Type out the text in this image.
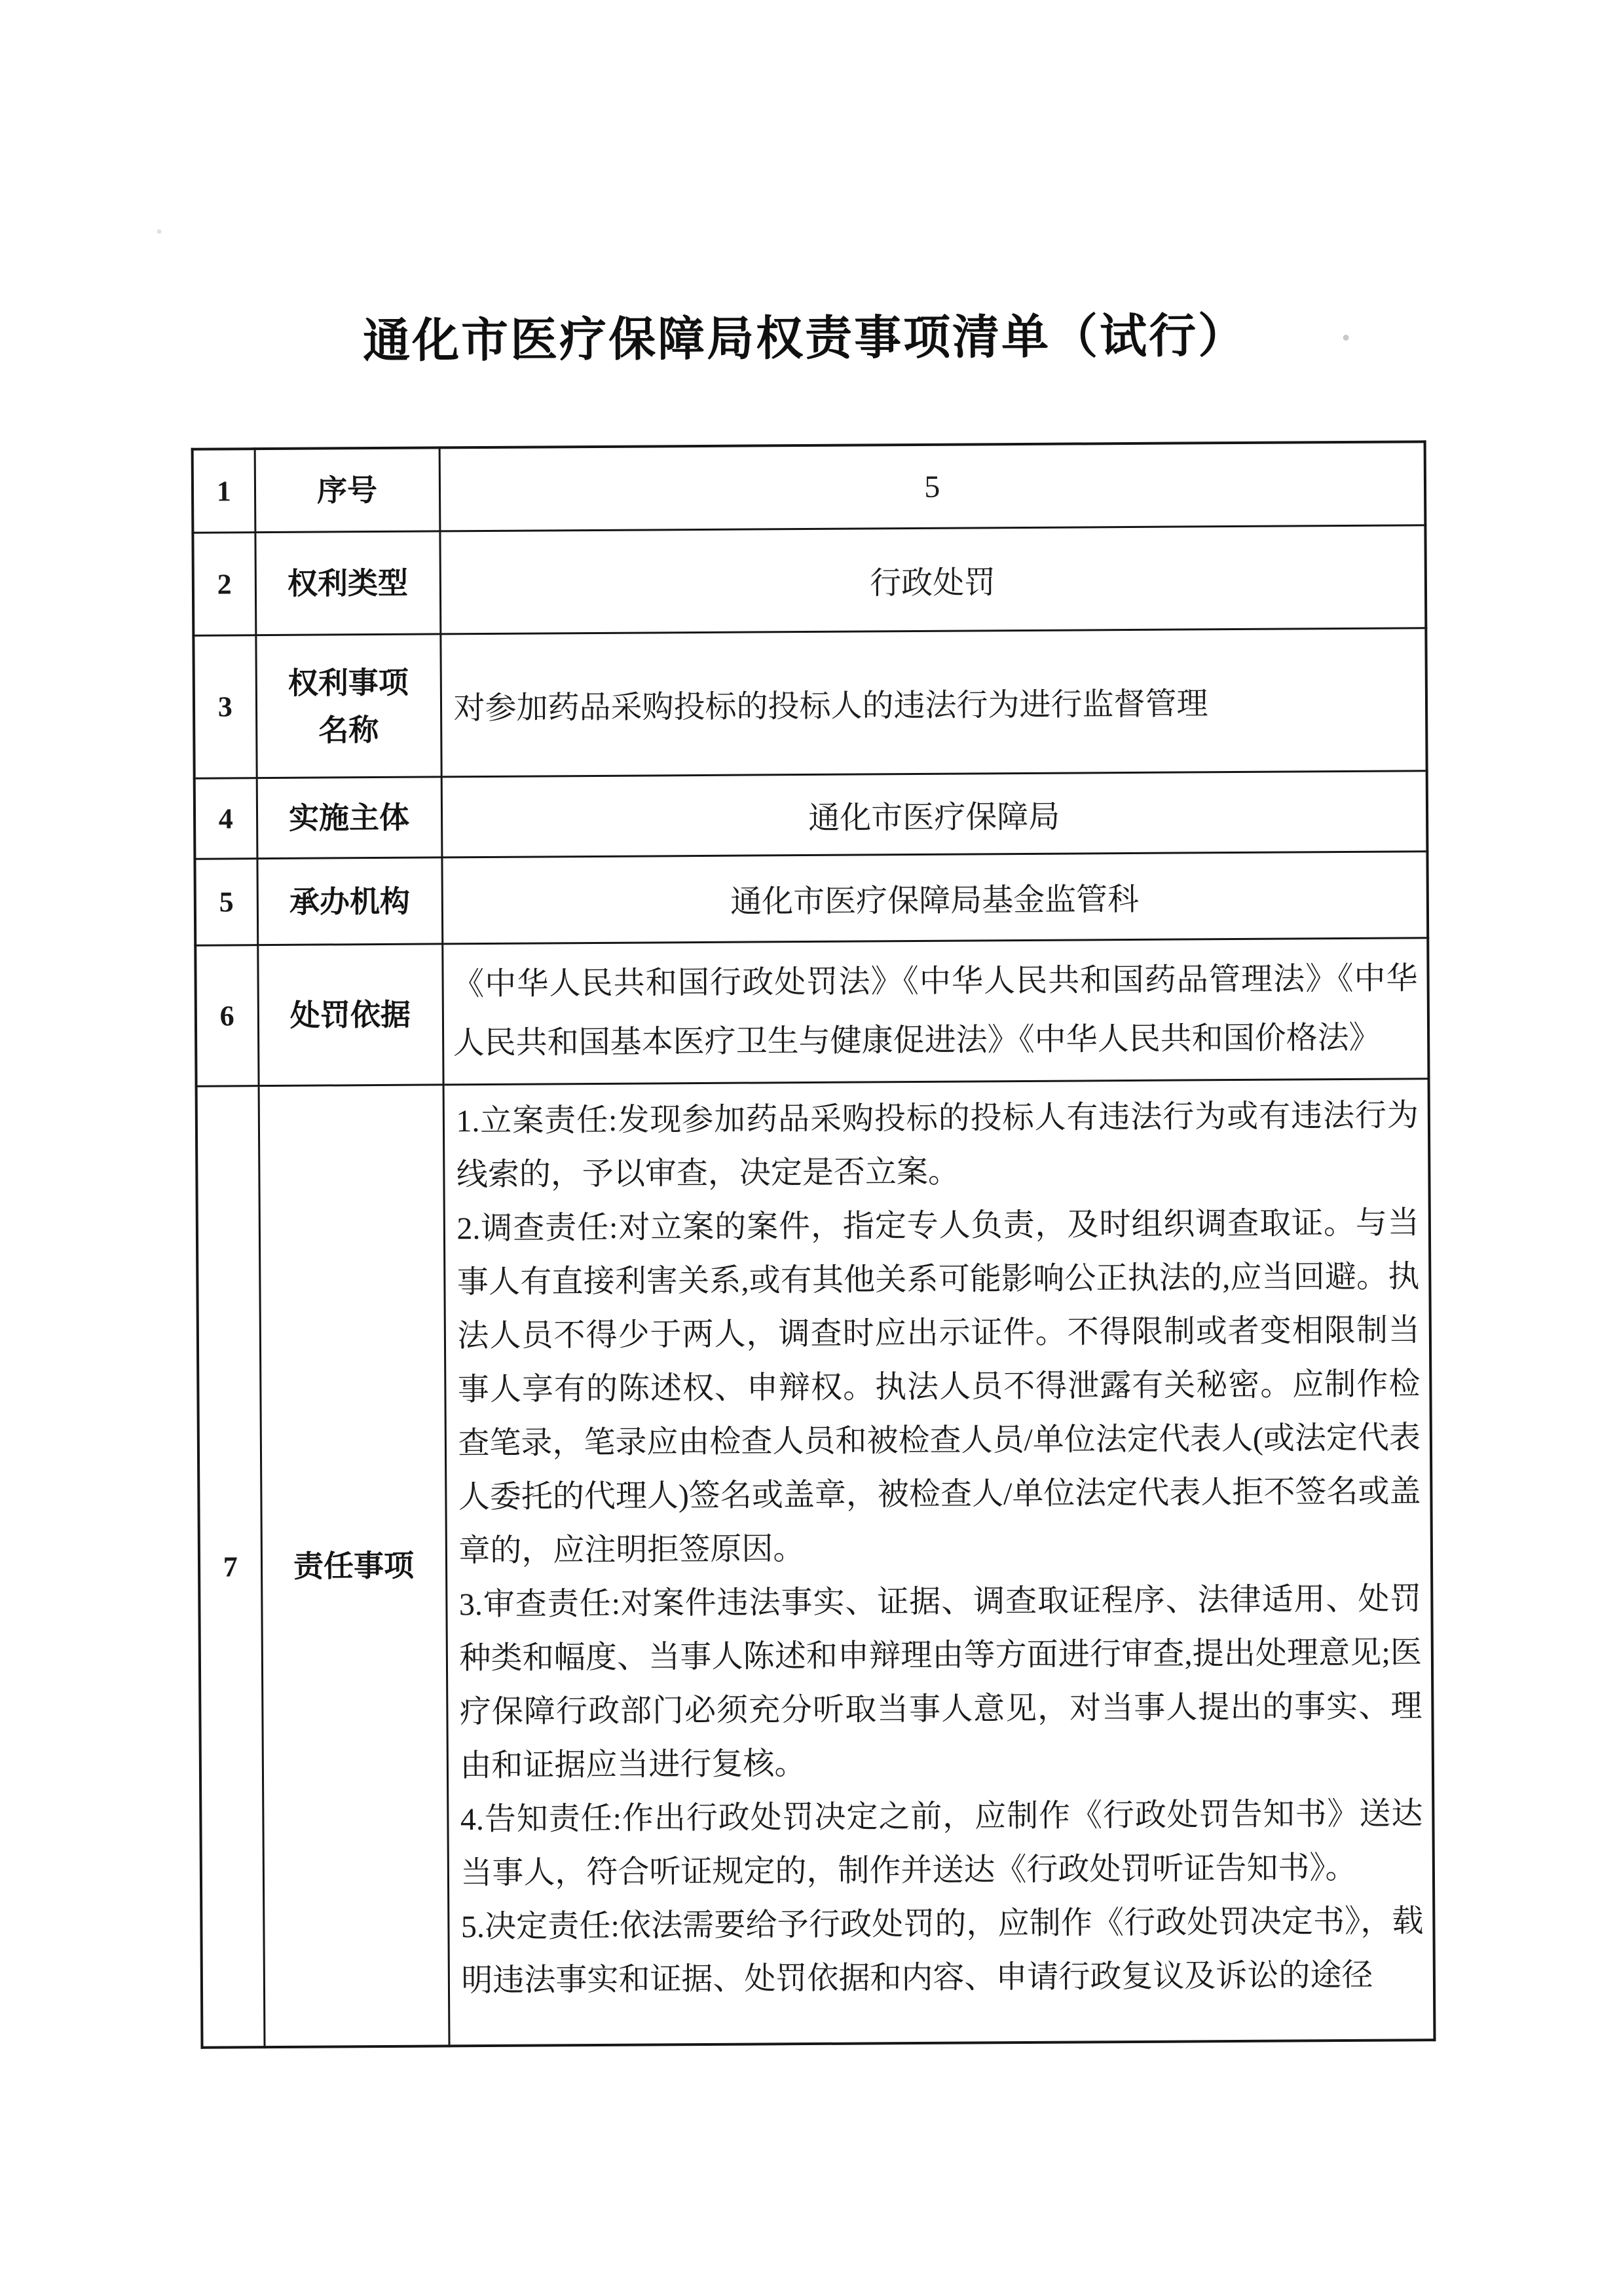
通化市医疗保障局权责事项清单（试行）
1	序号	5
2	权利类型	行政处罚
3	权利事项名称	对参加药品采购投标的投标人的违法行为进行监督管理
4	实施主体	通化市医疗保障局
5	承办机构	通化市医疗保障局基金监管科
6	处罚依据	《中华人民共和国行政处罚法》《中华人民共和国药品管理法》《中华人民共和国基本医疗卫生与健康促进法》《中华人民共和国价格法》

7	责任事项	1.立案责任:发现参加药品采购投标的投标人有违法行为或有违法行为线索的，予以审查，决定是否立案。
2.调查责任:对立案的案件，指定专人负责，及时组织调查取证。与当事人有直接利害关系,或有其他关系可能影响公正执法的,应当回避。执法人员不得少于两人，调查时应出示证件。不得限制或者变相限制当事人享有的陈述权、申辩权。执法人员不得泄露有关秘密。应制作检查笔录，笔录应由检查人员和被检查人员/单位法定代表人(或法定代表人委托的代理人)签名或盖章，被检查人/单位法定代表人拒不签名或盖章的，应注明拒签原因。
3.审查责任:对案件违法事实、证据、调查取证程序、法律适用、处罚种类和幅度、当事人陈述和申辩理由等方面进行审查,提出处理意见;医疗保障行政部门必须充分听取当事人意见，对当事人提出的事实、理由和证据应当进行复核。
4.告知责任:作出行政处罚决定之前，应制作《行政处罚告知书》送达当事人，符合听证规定的，制作并送达《行政处罚听证告知书》。
5.决定责任:依法需要给予行政处罚的，应制作《行政处罚决定书》，载明违法事实和证据、处罚依据和内容、申请行政复议及诉讼的途径
